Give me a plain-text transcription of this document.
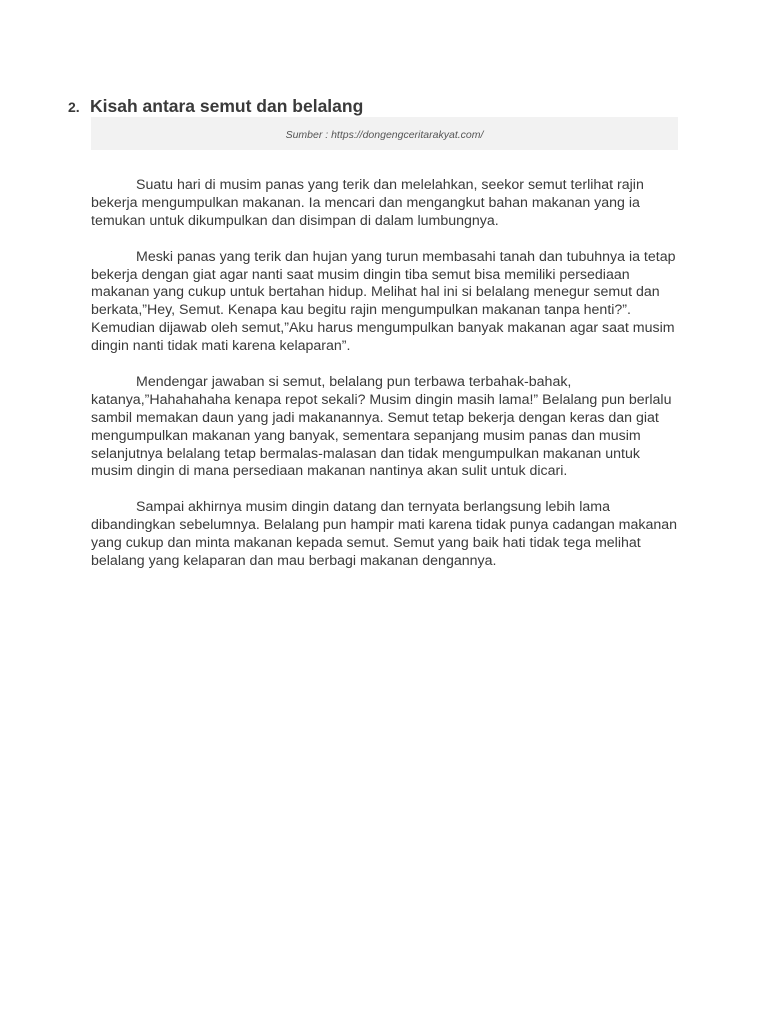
2. Kisah antara semut dan belalang
Sumber : https://dongengceritarakyat.com/

Suatu hari di musim panas yang terik dan melelahkan, seekor semut terlihat rajin bekerja mengumpulkan makanan. Ia mencari dan mengangkut bahan makanan yang ia temukan untuk dikumpulkan dan disimpan di dalam lumbungnya.

Meski panas yang terik dan hujan yang turun membasahi tanah dan tubuhnya ia tetap bekerja dengan giat agar nanti saat musim dingin tiba semut bisa memiliki persediaan makanan yang cukup untuk bertahan hidup. Melihat hal ini si belalang menegur semut dan berkata,”Hey, Semut. Kenapa kau begitu rajin mengumpulkan makanan tanpa henti?”. Kemudian dijawab oleh semut,”Aku harus mengumpulkan banyak makanan agar saat musim dingin nanti tidak mati karena kelaparan”.

Mendengar jawaban si semut, belalang pun terbawa terbahak-bahak, katanya,”Hahahahaha kenapa repot sekali? Musim dingin masih lama!” Belalang pun berlalu sambil memakan daun yang jadi makanannya. Semut tetap bekerja dengan keras dan giat mengumpulkan makanan yang banyak, sementara sepanjang musim panas dan musim selanjutnya belalang tetap bermalas-malasan dan tidak mengumpulkan makanan untuk musim dingin di mana persediaan makanan nantinya akan sulit untuk dicari.

Sampai akhirnya musim dingin datang dan ternyata berlangsung lebih lama dibandingkan sebelumnya. Belalang pun hampir mati karena tidak punya cadangan makanan yang cukup dan minta makanan kepada semut. Semut yang baik hati tidak tega melihat belalang yang kelaparan dan mau berbagi makanan dengannya.
